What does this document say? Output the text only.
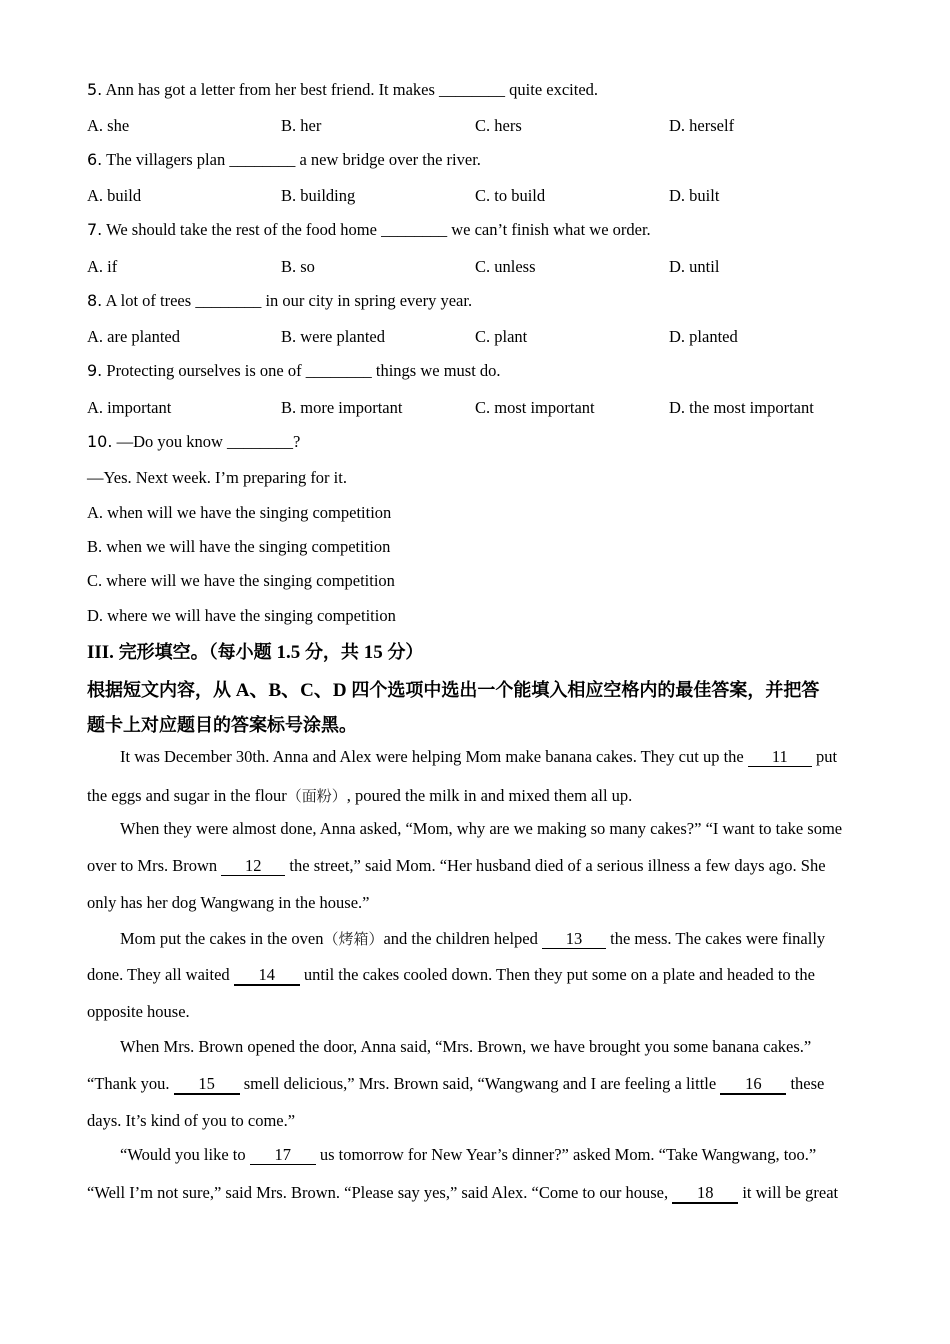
5. Ann has got a letter from her best friend. It makes ________ quite excited.
A. she	B. her	C. hers	D. herself
6. The villagers plan ________ a new bridge over the river.
A. build	B. building	C. to build	D. built
7. We should take the rest of the food home ________ we can’t finish what we order.
A. if	B. so	C. unless	D. until
8. A lot of trees ________ in our city in spring every year.
A. are planted	B. were planted	C. plant	D. planted
9. Protecting ourselves is one of ________ things we must do.
A. important	B. more important	C. most important	D. the most important
10. —Do you know ________?
—Yes. Next week. I’m preparing for it.
A. when will we have the singing competition
B. when we will have the singing competition
C. where will we have the singing competition
D. where we will have the singing competition
III. 完形填空。（每小题 1.5 分，共 15 分）
根据短文内容，从 A、B、C、D 四个选项中选出一个能填入相应空格内的最佳答案，并把答
题卡上对应题目的答案标号涂黑。
It was December 30th. Anna and Alex were helping Mom make banana cakes. They cut up the 11 put
the eggs and sugar in the flour（面粉）, poured the milk in and mixed them all up.
When they were almost done, Anna asked, “Mom, why are we making so many cakes?” “I want to take some
over to Mrs. Brown 12 the street,” said Mom. “Her husband died of a serious illness a few days ago. She
only has her dog Wangwang in the house.”
Mom put the cakes in the oven（烤箱）and the children helped 13 the mess. The cakes were finally
done. They all waited 14 until the cakes cooled down. Then they put some on a plate and headed to the
opposite house.
When Mrs. Brown opened the door, Anna said, “Mrs. Brown, we have brought you some banana cakes.”
“Thank you. 15 smell delicious,” Mrs. Brown said, “Wangwang and I are feeling a little 16 these
days. It’s kind of you to come.”
“Would you like to 17 us tomorrow for New Year’s dinner?” asked Mom. “Take Wangwang, too.”
“Well I’m not sure,” said Mrs. Brown. “Please say yes,” said Alex. “Come to our house, 18 it will be great
